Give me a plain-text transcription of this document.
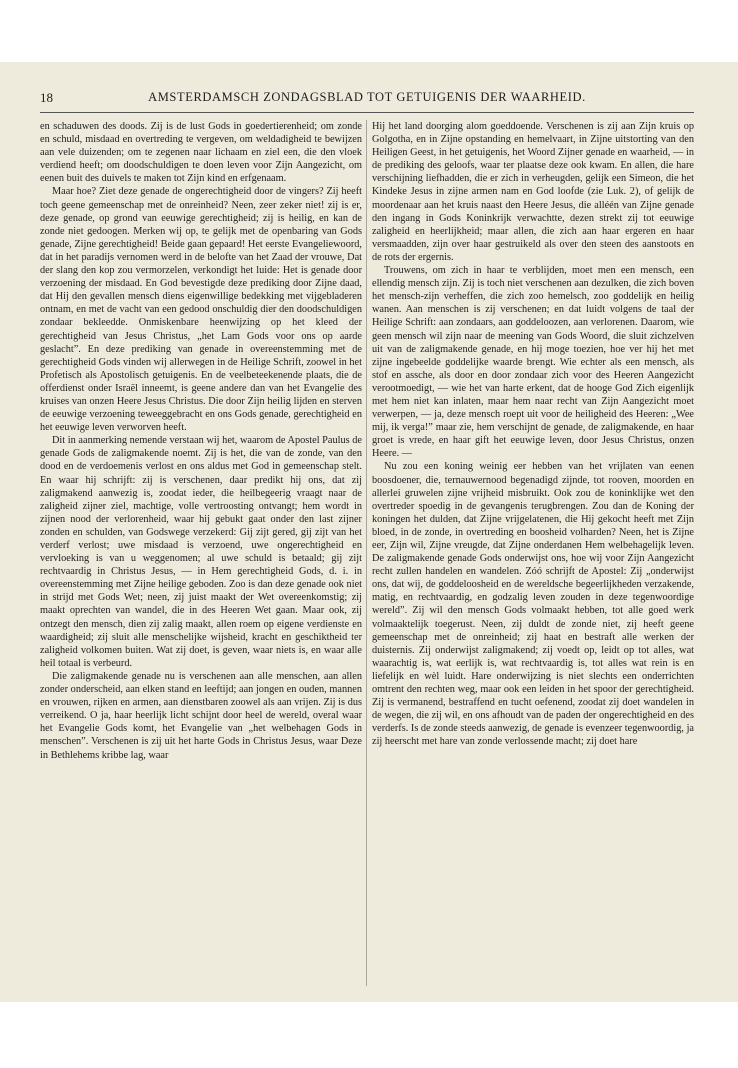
18	AMSTERDAMSCH ZONDAGSBLAD TOT GETUIGENIS DER WAARHEID.

en schaduwen des doods. Zij is de lust Gods in goedertierenheid; om zonde en schuld, misdaad en overtreding te vergeven, om weldadigheid te bewijzen aan vele duizenden; om te zegenen naar lichaam en ziel een, die den vloek verdiend heeft; om doodschuldigen te doen leven voor Zijn Aangezicht, om eenen buit des duivels te maken tot Zijn kind en erfgenaam.

Maar hoe? Ziet deze genade de ongerechtigheid door de vingers? Zij heeft toch geene gemeenschap met de onreinheid? Neen, zeer zeker niet! zij is er, deze genade, op grond van eeuwige gerechtigheid; zij is heilig, en kan de zonde niet gedoogen. Merken wij op, te gelijk met de openbaring van Gods genade, Zijne gerechtigheid! Beide gaan gepaard! Het eerste Evangeliewoord, dat in het paradijs vernomen werd in de belofte van het Zaad der vrouwe, Dat der slang den kop zou vermorzelen, verkondigt het luide: Het is genade door verzoening der misdaad. En God bevestigde deze prediking door Zijne daad, dat Hij den gevallen mensch diens eigenwillige bedekking met vijgebladeren ontnam, en met de vacht van een gedood onschuldig dier den doodschuldigen zondaar bekleedde. Onmiskenbare heenwijzing op het kleed der gerechtigheid van Jesus Christus, „het Lam Gods voor ons op aarde geslacht”. En deze prediking van genade in overeenstemming met de gerechtigheid Gods vinden wij allerwegen in de Heilige Schrift, zoowel in het Profetisch als Apostolisch getuigenis. En de veelbeteekenende plaats, die de offerdienst onder Israël inneemt, is geene andere dan van het Evangelie des kruises van onzen Heere Jesus Christus. Die door Zijn heilig lijden en sterven de eeuwige verzoening teweeggebracht en ons Gods genade, gerechtigheid en het eeuwige leven verworven heeft.

Dit in aanmerking nemende verstaan wij het, waarom de Apostel Paulus de genade Gods de zaligmakende noemt. Zij is het, die van de zonde, van den dood en de verdoemenis verlost en ons aldus met God in gemeenschap stelt. En waar hij schrijft: zij is verschenen, daar predikt hij ons, dat zij zaligmakend aanwezig is, zoodat ieder, die heilbegeerig vraagt naar de zaligheid zijner ziel, machtige, volle vertroosting ontvangt; hem wordt in zijnen nood der verlorenheid, waar hij gebukt gaat onder den last zijner zonden en schulden, van Godswege verzekerd: Gij zijt gered, gij zijt van het verderf verlost; uwe misdaad is verzoend, uwe ongerechtigheid en vervloeking is van u weggenomen; al uwe schuld is betaald; gij zijt rechtvaardig in Christus Jesus, — in Hem gerechtigheid Gods, d. i. in overeenstemming met Zijne heilige geboden. Zoo is dan deze genade ook niet in strijd met Gods Wet; neen, zij juist maakt der Wet overeenkomstig; zij maakt oprechten van wandel, die in des Heeren Wet gaan. Maar ook, zij ontzegt den mensch, dien zij zalig maakt, allen roem op eigene verdienste en waardigheid; zij sluit alle menschelijke wijsheid, kracht en geschiktheid ter zaligheid volkomen buiten. Wat zij doet, is geven, waar niets is, en waar alle heil totaal is verbeurd.

Die zaligmakende genade nu is verschenen aan alle menschen, aan allen zonder onderscheid, aan elken stand en leeftijd; aan jongen en ouden, mannen en vrouwen, rijken en armen, aan dienstbaren zoowel als aan vrijen. Zij is dus verreikend. O ja, haar heerlijk licht schijnt door heel de wereld, overal waar het Evangelie Gods komt, het Evangelie van „het welbehagen Gods in menschen”. Verschenen is zij uit het harte Gods in Christus Jesus, waar Deze in Bethlehems kribbe lag, waar

Hij het land doorging alom goeddoende. Verschenen is zij aan Zijn kruis op Golgotha, en in Zijne opstanding en hemelvaart, in Zijne uitstorting van den Heiligen Geest, in het getuigenis, het Woord Zijner genade en waarheid, — in de prediking des geloofs, waar ter plaatse deze ook kwam. En allen, die hare verschijning liefhadden, die er zich in verheugden, gelijk een Simeon, die het Kindeke Jesus in zijne armen nam en God loofde (zie Luk. 2), of gelijk de moordenaar aan het kruis naast den Heere Jesus, die alléén van Zijne genade den ingang in Gods Koninkrijk verwachtte, dezen strekt zij tot eeuwige zaligheid en heerlijkheid; maar allen, die zich aan haar ergeren en haar versmaadden, zijn over haar gestruikeld als over den steen des aanstoots en de rots der ergernis.

Trouwens, om zich in haar te verblijden, moet men een mensch, een ellendig mensch zijn. Zij is toch niet verschenen aan dezulken, die zich boven het mensch-zijn verheffen, die zich zoo hemelsch, zoo goddelijk en heilig wanen. Aan menschen is zij verschenen; en dat luidt volgens de taal der Heilige Schrift: aan zondaars, aan goddeloozen, aan verlorenen. Daarom, wie geen mensch wil zijn naar de meening van Gods Woord, die sluit zichzelven uit van de zaligmakende genade, en hij moge toezien, hoe ver hij het met zijne ingebeelde goddelijke waarde brengt. Wie echter als een mensch, als stof en assche, als door en door zondaar zich voor des Heeren Aangezicht verootmoedigt, — wie het van harte erkent, dat de hooge God Zich eigenlijk met hem niet kan inlaten, maar hem naar recht van Zijn Aangezicht moet verwerpen, — ja, deze mensch roept uit voor de heiligheid des Heeren: „Wee mij, ik verga!” maar zie, hem verschijnt de genade, de zaligmakende, en haar groet is vrede, en haar gift het eeuwige leven, door Jesus Christus, onzen Heere. —

Nu zou een koning weinig eer hebben van het vrijlaten van eenen boosdoener, die, ternauwernood begenadigd zijnde, tot rooven, moorden en allerlei gruwelen zijne vrijheid misbruikt. Ook zou de koninklijke wet den overtreder spoedig in de gevangenis terugbrengen. Zou dan de Koning der koningen het dulden, dat Zijne vrijgelatenen, die Hij gekocht heeft met Zijn bloed, in de zonde, in overtreding en boosheid volharden? Neen, het is Zijne eer, Zijn wil, Zijne vreugde, dat Zijne onderdanen Hem welbehagelijk leven. De zaligmakende genade Gods onderwijst ons, hoe wij voor Zijn Aangezicht recht zullen handelen en wandelen. Zóó schrijft de Apostel: Zij „onderwijst ons, dat wij, de goddeloosheid en de wereldsche begeerlijkheden verzakende, matig, en rechtvaardig, en godzalig leven zouden in deze tegenwoordige wereld”. Zij wil den mensch Gods volmaakt hebben, tot alle goed werk volmaaktelijk toegerust. Neen, zij duldt de zonde niet, zij heeft geene gemeenschap met de onreinheid; zij haat en bestraft alle werken der duisternis. Zij onderwijst zaligmakend; zij voedt op, leidt op tot alles, wat waarachtig is, wat eerlijk is, wat rechtvaardig is, tot alles wat rein is en liefelijk en wèl luidt. Hare onderwijzing is niet slechts een onderrichten omtrent den rechten weg, maar ook een leiden in het spoor der gerechtigheid. Zij is vermanend, bestraffend en tucht oefenend, zoodat zij doet wandelen in de wegen, die zij wil, en ons afhoudt van de paden der ongerechtigheid en des verderfs. Is de zonde steeds aanwezig, de genade is evenzeer tegenwoordig, ja zij heerscht met hare van zonde verlossende macht; zij doet hare
